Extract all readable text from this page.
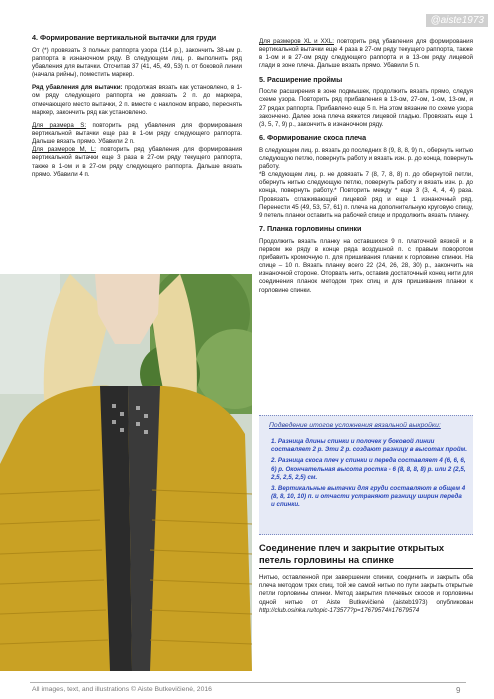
@aiste1973
4. Формирование вертикальной вытачки для груди

От (*) провязать 3 полных раппорта узора (114 р.), закончить 38-ым р. раппорта в изнаночном ряду. В следующем лиц. р. выполнить ряд убавления для вытачки. Отсчитав 37 (41, 45, 49, 53) п. от боковой линии (начала рийны), поместить маркер.

Ряд убавления для вытачки: продолжая вязать как установлено, в 1-ом ряду следующего раппорта не довязать 2 п. до маркера, отмечающего место вытачки, 2 п. вместе с наклоном вправо, переснять маркер, закончить ряд как установлено.

Для размера S: повторить ряд убавления для формирования вертикальной вытачки еще раз в 1-ом ряду следующего раппорта. Дальше вязать прямо. Убавили 2 п.

Для размеров M, L: повторить ряд убавления для формирования вертикальной вытачки еще 3 раза в 27-ом ряду текущего раппорта, также в 1-ом и в 27-ом ряду следующего раппорта. Дальше вязать прямо. Убавили 4 п.

Для размеров XL и XXL: повторить ряд убавления для формирования вертикальной вытачки еще 4 раза в 27-ом ряду текущего раппорта, также в 1-ом и в 27-ом ряду следующего раппорта и в 13-ом ряду лицевой глади в зоне плеча. Дальше вязать прямо. Убавили 5 п.

5. Расширение проймы

После расширения в зоне подмышек, продолжить вязать прямо, следуя схеме узора. Повторить ряд прибавления в 13-ом, 27-ом, 1-ом, 13-ом, и 27 рядах раппорта. Прибавлено еще 5 п. На этом вязание по схеме узора закончено. Далее зона плеча вяжется лицевой гладью. Провязать еще 1 (3, 5, 7, 9) р., закончить в изнаночном ряду.

6. Формирование скоса плеча

В следующем лиц. р. вязать до последних 8 (9, 8, 8, 9) п., обернуть нитью следующую петлю, повернуть работу и вязать изн. р. до конца, повернуть работу.

*В следующем лиц. р. не довязать 7 (8, 7, 8, 8) п. до обернутой петли, обернуть нитью следующую петлю, повернуть работу и вязать изн. р. до конца, повернуть работу.* Повторить между * еще 3 (3, 4, 4, 4) раза. Провязать сглаживающий лицевой ряд и еще 1 изнаночный ряд. Перенести 45 (49, 53, 57, 61) п. плеча на дополнительную круговую спицу, 9 петель планки оставить на рабочей спице и продолжить вязать планку.

7. Планка горловины спинки

Продолжить вязать планку на оставшихся 9 п. платочной вязкой и в первом же ряду в конце ряда воздушной п. с правым поворотом прибавить кромочную п. для пришивания планки к горловине спинки. На спице – 10 п. Вязать планку всего 22 (24, 26, 28, 30) р., закончить на изнаночной стороне. Оторвать нить, оставив достаточный конец нити для соединения планок методом трех спиц и для пришивания планки к горловине спинки.

Подведение итогов усложнения вязальной выкройки:

1. Разница длины спинки и полочек у боковой линии составляет 2 р. Эти 2 р. создают разницу в высотах пройм.

2. Разница скоса плеч у спинки и переда составляет 4 (6, 6, 6, 6) р. Окончательная высота ростка - 6 (8, 8, 8, 8) р. или 2 (2,5, 2,5, 2,5, 2,5) см.

3. Вертикальные вытачки для груди составляют в общем 4 (8, 8, 10, 10) п. и отчасти устраняют разницу ширин переда и спинки.

Соединение плеч и закрытие открытых петель горловины на спинке

Нитью, оставленной при завершении спинки, соединить и закрыть оба плеча методом трех спиц, той же самой нитью по пути закрыть открытые петли горловины спинки. Метод закрытия плечевых скосов и горловины одной нитью от Aiste Butkevičienė (aisteb1973) опубликован http://club.osinka.ru/topic-173577?p=17679574#17679574

All images, text, and illustrations © Aiste Butkevičienė, 2016	9
